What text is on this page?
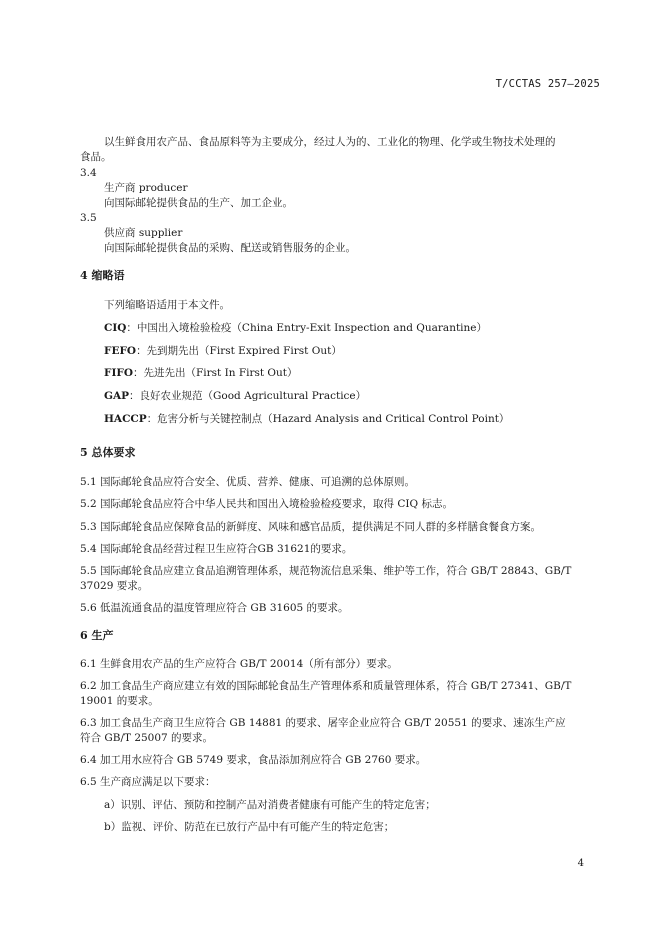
T/CCTAS 257—2025
以生鲜食用农产品、食品原料等为主要成分，经过人为的、工业化的物理、化学或生物技术处理的
食品。
3.4
生产商 producer
向国际邮轮提供食品的生产、加工企业。
3.5
供应商 supplier
向国际邮轮提供食品的采购、配送或销售服务的企业。
4 缩略语
下列缩略语适用于本文件。
CIQ：中国出入境检验检疫（China Entry-Exit Inspection and Quarantine）
FEFO：先到期先出（First Expired First Out）
FIFO：先进先出（First In First Out）
GAP：良好农业规范（Good Agricultural Practice）
HACCP：危害分析与关键控制点（Hazard Analysis and Critical Control Point）
5 总体要求
5.1 国际邮轮食品应符合安全、优质、营养、健康、可追溯的总体原则。
5.2 国际邮轮食品应符合中华人民共和国出入境检验检疫要求，取得 CIQ 标志。
5.3 国际邮轮食品应保障食品的新鲜度、风味和感官品质，提供满足不同人群的多样膳食餐食方案。
5.4 国际邮轮食品经营过程卫生应符合GB 31621的要求。
5.5 国际邮轮食品应建立食品追溯管理体系，规范物流信息采集、维护等工作，符合 GB/T 28843、GB/T
37029 要求。
5.6 低温流通食品的温度管理应符合 GB 31605 的要求。
6 生产
6.1 生鲜食用农产品的生产应符合 GB/T 20014（所有部分）要求。
6.2 加工食品生产商应建立有效的国际邮轮食品生产管理体系和质量管理体系，符合 GB/T 27341、GB/T
19001 的要求。
6.3 加工食品生产商卫生应符合 GB 14881 的要求、屠宰企业应符合 GB/T 20551 的要求、速冻生产应
符合 GB/T 25007 的要求。
6.4 加工用水应符合 GB 5749 要求，食品添加剂应符合 GB 2760 要求。
6.5 生产商应满足以下要求：
a）识别、评估、预防和控制产品对消费者健康有可能产生的特定危害；
b）监视、评价、防范在已放行产品中有可能产生的特定危害；
4
